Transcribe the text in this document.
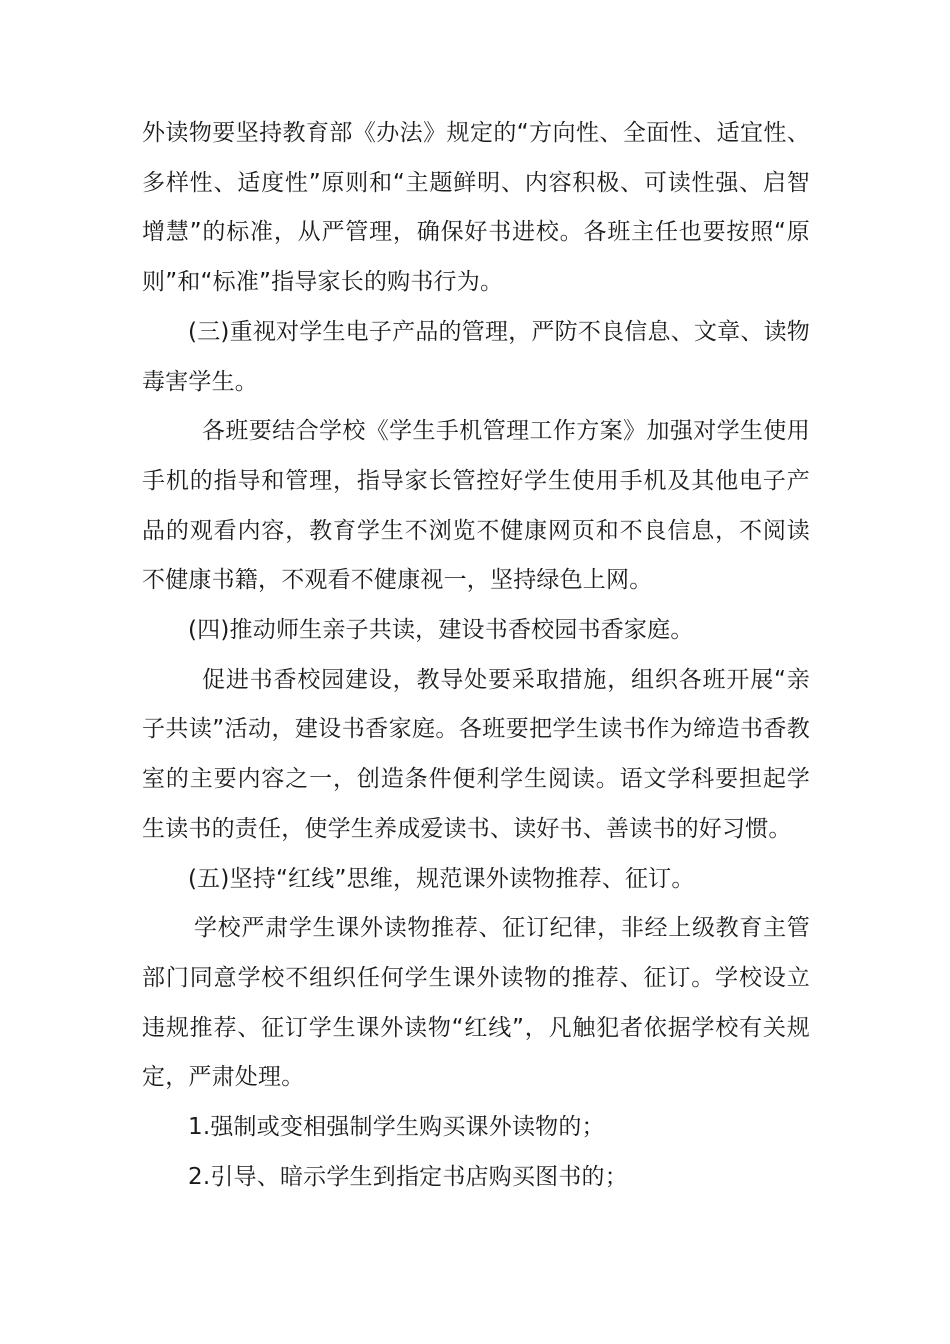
外读物要坚持教育部《办法》规定的“方向性、全面性、适宜性、多样性、适度性”原则和“主题鲜明、内容积极、可读性强、启智增慧”的标准，从严管理，确保好书进校。各班主任也要按照“原则”和“标准”指导家长的购书行为。

(三)重视对学生电子产品的管理，严防不良信息、文章、读物毒害学生。

各班要结合学校《学生手机管理工作方案》加强对学生使用手机的指导和管理，指导家长管控好学生使用手机及其他电子产品的观看内容，教育学生不浏览不健康网页和不良信息，不阅读不健康书籍，不观看不健康视一，坚持绿色上网。

(四)推动师生亲子共读，建设书香校园书香家庭。

促进书香校园建设，教导处要采取措施，组织各班开展“亲子共读”活动，建设书香家庭。各班要把学生读书作为缔造书香教室的主要内容之一，创造条件便利学生阅读。语文学科要担起学生读书的责任，使学生养成爱读书、读好书、善读书的好习惯。

(五)坚持“红线”思维，规范课外读物推荐、征订。

学校严肃学生课外读物推荐、征订纪律，非经上级教育主管部门同意学校不组织任何学生课外读物的推荐、征订。学校设立违规推荐、征订学生课外读物“红线”，凡触犯者依据学校有关规定，严肃处理。

1.强制或变相强制学生购买课外读物的；

2.引导、暗示学生到指定书店购买图书的；
